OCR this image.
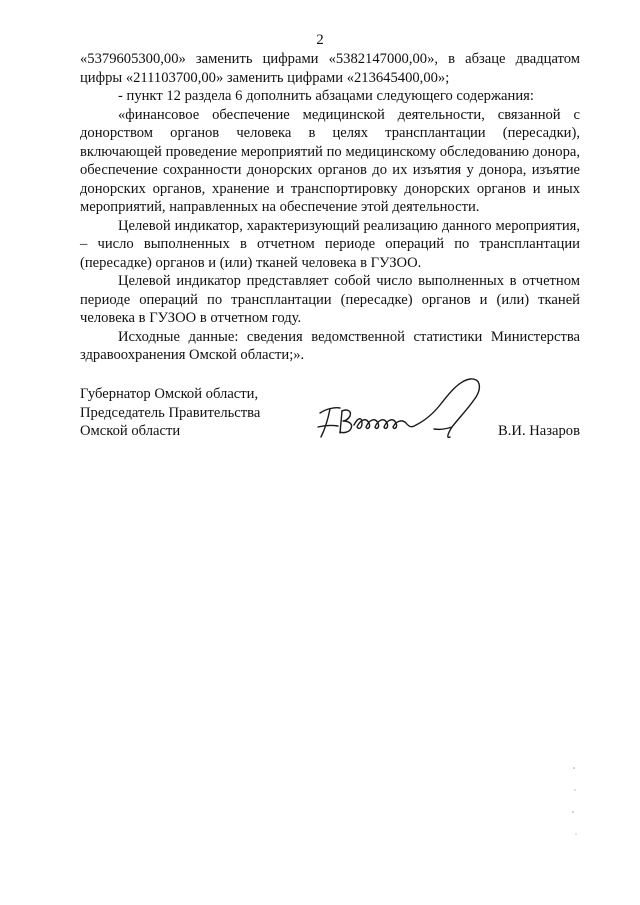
2

«5379605300,00» заменить цифрами «5382147000,00», в абзаце двадцатом цифры «211103700,00» заменить цифрами «213645400,00»;

- пункт 12 раздела 6 дополнить абзацами следующего содержания:

«финансовое обеспечение медицинской деятельности, связанной с донорством органов человека в целях трансплантации (пересадки), включающей проведение мероприятий по медицинскому обследованию донора, обеспечение сохранности донорских органов до их изъятия у донора, изъятие донорских органов, хранение и транспортировку донорских органов и иных мероприятий, направленных на обеспечение этой деятельности.

Целевой индикатор, характеризующий реализацию данного мероприятия, – число выполненных в отчетном периоде операций по трансплантации (пересадке) органов и (или) тканей человека в ГУЗОО.

Целевой индикатор представляет собой число выполненных в отчетном периоде операций по трансплантации (пересадке) органов и (или) тканей человека в ГУЗОО в отчетном году.

Исходные данные: сведения ведомственной статистики Министерства здравоохранения Омской области;».

Губернатор Омской области,
Председатель Правительства
Омской области	В.И. Назаров
